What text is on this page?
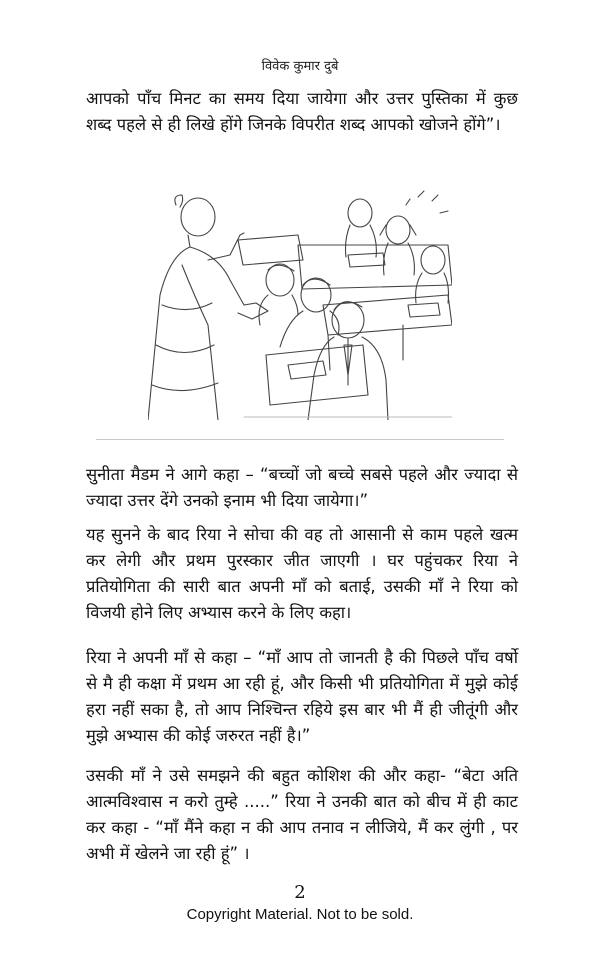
विवेक कुमार दुबे
आपको पाँच मिनट का समय दिया जायेगा और उत्तर पुस्तिका में कुछ शब्द पहले से ही लिखे होंगे जिनके विपरीत शब्द आपको खोजने होंगे”।
सुनीता मैडम ने आगे कहा – “बच्चों जो बच्चे सबसे पहले और ज्यादा से ज्यादा उत्तर देंगे उनको इनाम भी दिया जायेगा।”
यह सुनने के बाद रिया ने सोचा की वह तो आसानी से काम पहले खत्म कर लेगी और प्रथम पुरस्कार जीत जाएगी । घर पहुंचकर रिया ने प्रतियोगिता की सारी बात अपनी माँ को बताई, उसकी माँ ने रिया को विजयी होने लिए अभ्यास करने के लिए कहा।
रिया ने अपनी माँ से कहा – “माँ आप तो जानती है की पिछले पाँच वर्षो से मै ही कक्षा में प्रथम आ रही हूं, और किसी भी प्रतियोगिता में मुझे कोई हरा नहीं सका है, तो आप निश्चिन्त रहिये इस बार भी मैं ही जीतूंगी और मुझे अभ्यास की कोई जरुरत नहीं है।”
उसकी माँ ने उसे समझने की बहुत कोशिश की और कहा- “बेटा अति आत्मविश्वास न करो तुम्हे .....” रिया ने उनकी बात को बीच में ही काट कर कहा - “माँ मैंने कहा न की आप तनाव न लीजिये, मैं कर लुंगी , पर अभी में खेलने जा रही हूं” ।
2
Copyright Material. Not to be sold.
